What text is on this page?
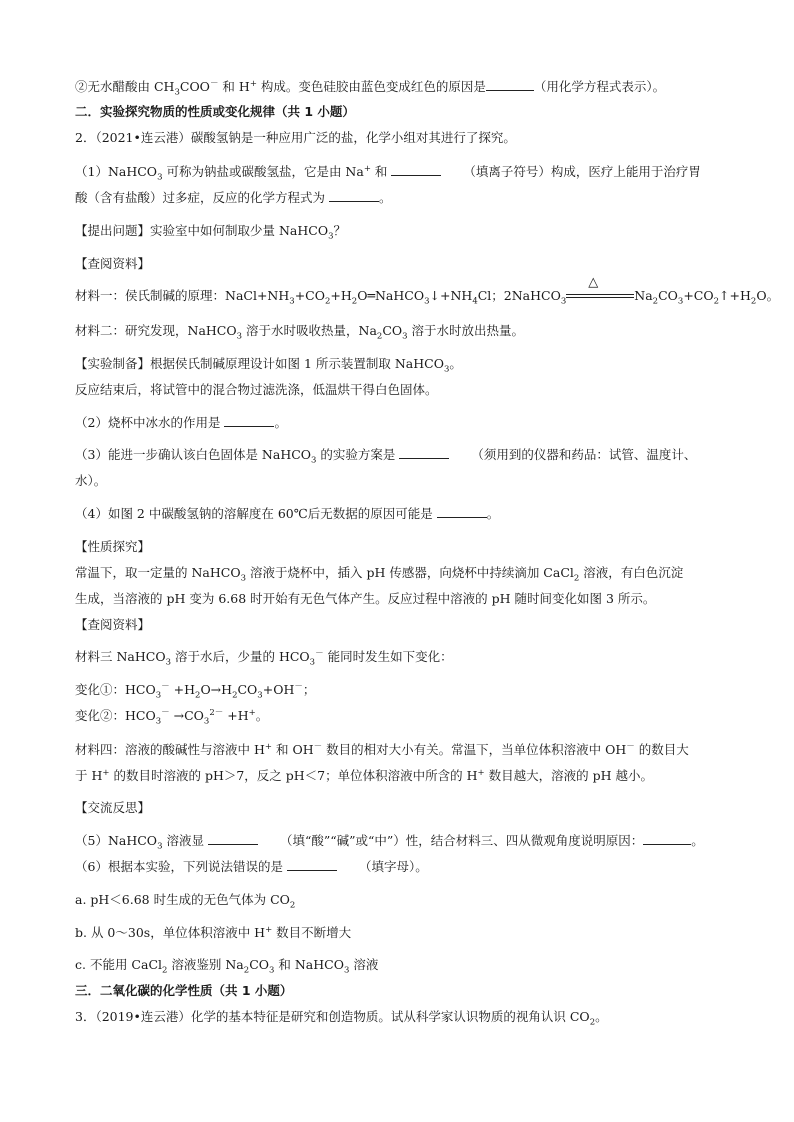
②无水醋酸由 $CH_3COO^-$ 和 H+ 构成。变色硅胶由蓝色变成红色的原因是	（用化学方程式表示）。
二．实验探究物质的性质或变化规律（共 1 小题）
2．（2021•连云港）碳酸氢钠是一种应用广泛的盐，化学小组对其进行了探究。
（1）NaHCO$_3$ 可称为钠盐或碳酸氢盐，它是由 Na+ 和	（填离子符号）构成，医疗上能用于治疗胃
酸（含有盐酸）过多症，反应的化学方程式为	。
【提出问题】实验室中如何制取少量 NaHCO$_3$？
【查阅资料】
材料一：侯氏制碱的原理：$NaCl+NH_3+CO_2+H_2O═NaHCO_3↓+NH_4Cl$；2NaHCO$_3$
△
$Na_2CO_3+CO_2↑+H_2O$。
材料二：研究发现，NaHCO$_3$ 溶于水时吸收热量，$Na_2CO_3$ 溶于水时放出热量。
【实验制备】根据侯氏制碱原理设计如图 1 所示装置制取 NaHCO$_3$。
反应结束后，将试管中的混合物过滤洗涤，低温烘干得白色固体。
（2）烧杯中冰水的作用是	。
（3）能进一步确认该白色固体是 NaHCO$_3$ 的实验方案是	（须用到的仪器和药品：试管、温度计、
水）。
（4）如图 2 中碳酸氢钠的溶解度在 60℃后无数据的原因可能是	。
【性质探究】
常温下，取一定量的 NaHCO$_3$ 溶液于烧杯中，插入 pH 传感器，向烧杯中持续滴加 CaCl$_2$ 溶液，有白色沉淀
生成，当溶液的 pH 变为 6.68 时开始有无色气体产生。反应过程中溶液的 pH 随时间变化如图 3 所示。
【查阅资料】
材料三 NaHCO$_3$ 溶于水后，少量的 $HCO_3^-$ 能同时发生如下变化：
变化①：$HCO_3^- +H_2O\to H_2CO_3+OH^-$；
变化②：$HCO_3^- \to CO_3^{2-} +H^+$。
材料四：溶液的酸碱性与溶液中 H+ 和 OH－ 数目的相对大小有关。常温下，当单位体积溶液中 OH－ 的数目大
于 H+ 的数目时溶液的 pH＞7，反之 pH＜7；单位体积溶液中所含的 H+ 数目越大，溶液的 pH 越小。
【交流反思】
（5）NaHCO$_3$ 溶液显	（填“酸”“碱”或“中”）性，结合材料三、四从微观角度说明原因：	。
（6）根据本实验，下列说法错误的是	（填字母）。
a. pH＜6.68 时生成的无色气体为 $CO_2$
b. 从 0～30s，单位体积溶液中 H+ 数目不断增大
c. 不能用 CaCl$_2$ 溶液鉴别 $Na_2CO_3$ 和 NaHCO$_3$ 溶液
三．二氧化碳的化学性质（共 1 小题）
3．（2019•连云港）化学的基本特征是研究和创造物质。试从科学家认识物质的视角认识 $CO_2$。
